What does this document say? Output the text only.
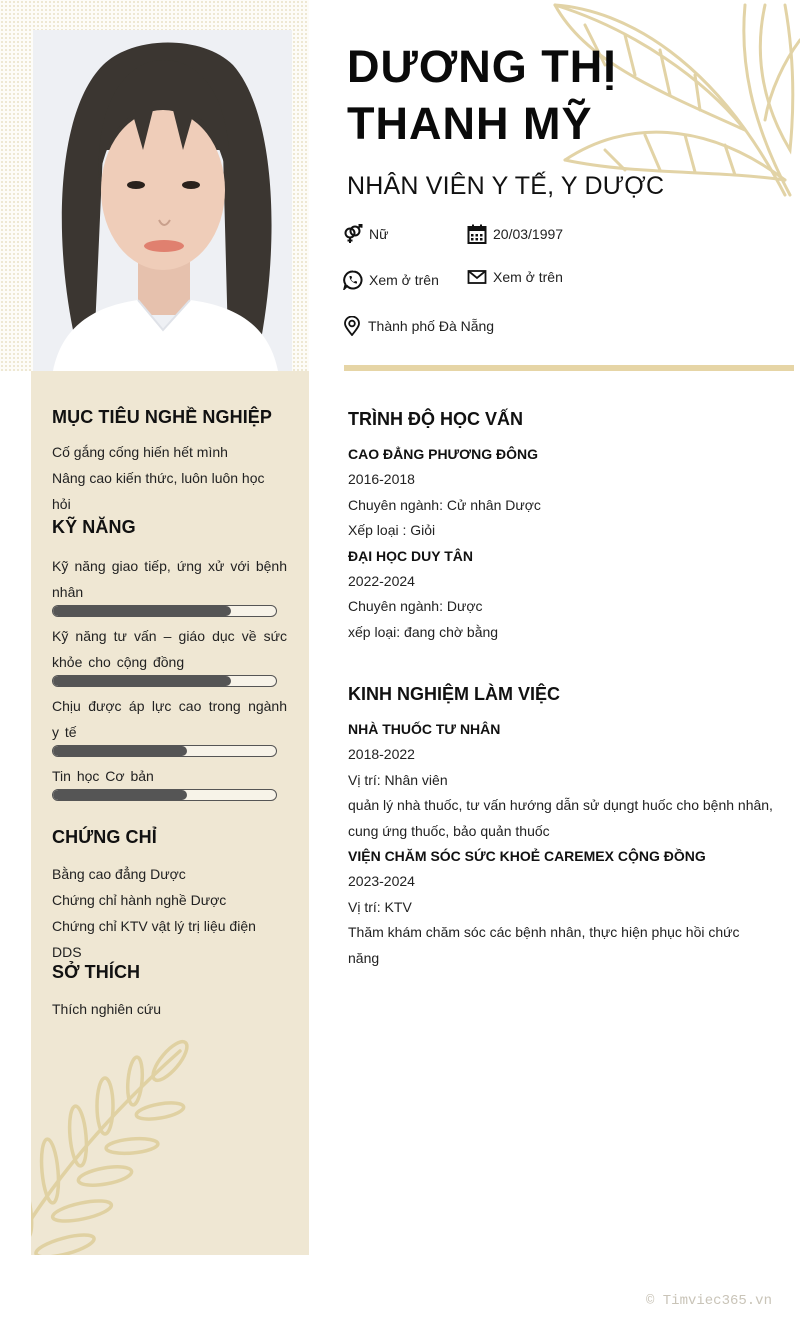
MỤC TIÊU NGHỀ NGHIỆP
Cố gắng cống hiến hết mình
Nâng cao kiến thức, luôn luôn học hỏi
KỸ NĂNG
Kỹ năng giao tiếp, ứng xử với bệnh nhân
Kỹ năng tư vấn – giáo dục về sức khỏe cho cộng đồng
Chịu được áp lực cao trong ngành y tế
Tin học Cơ bản
CHỨNG CHỈ
Bằng cao đẳng Dược
Chứng chỉ hành nghề Dược
Chứng chỉ KTV vật lý trị liệu điện DDS
SỞ THÍCH
Thích nghiên cứu
DƯƠNG THỊ
THANH MỸ
NHÂN VIÊN Y TẾ, Y DƯỢC
Nữ	20/03/1997
Xem ở trên	Xem ở trên
Thành phố Đà Nẵng
TRÌNH ĐỘ HỌC VẤN
CAO ĐẲNG PHƯƠNG ĐÔNG
2016-2018
Chuyên ngành: Cử nhân Dược
Xếp loại : Giỏi
ĐẠI HỌC DUY TÂN
2022-2024
Chuyên ngành: Dược
xếp loại: đang chờ bằng
KINH NGHIỆM LÀM VIỆC
NHÀ THUỐC TƯ NHÂN
2018-2022
Vị trí: Nhân viên
quản lý nhà thuốc, tư vấn hướng dẫn sử dụngt huốc cho bệnh nhân, cung ứng thuốc, bảo quản thuốc
VIỆN CHĂM SÓC SỨC KHOẺ CAREMEX CỘNG ĐỒNG
2023-2024
Vị trí: KTV
Thăm khám chăm sóc các bệnh nhân, thực hiện phục hồi chức năng
© Timviec365.vn
